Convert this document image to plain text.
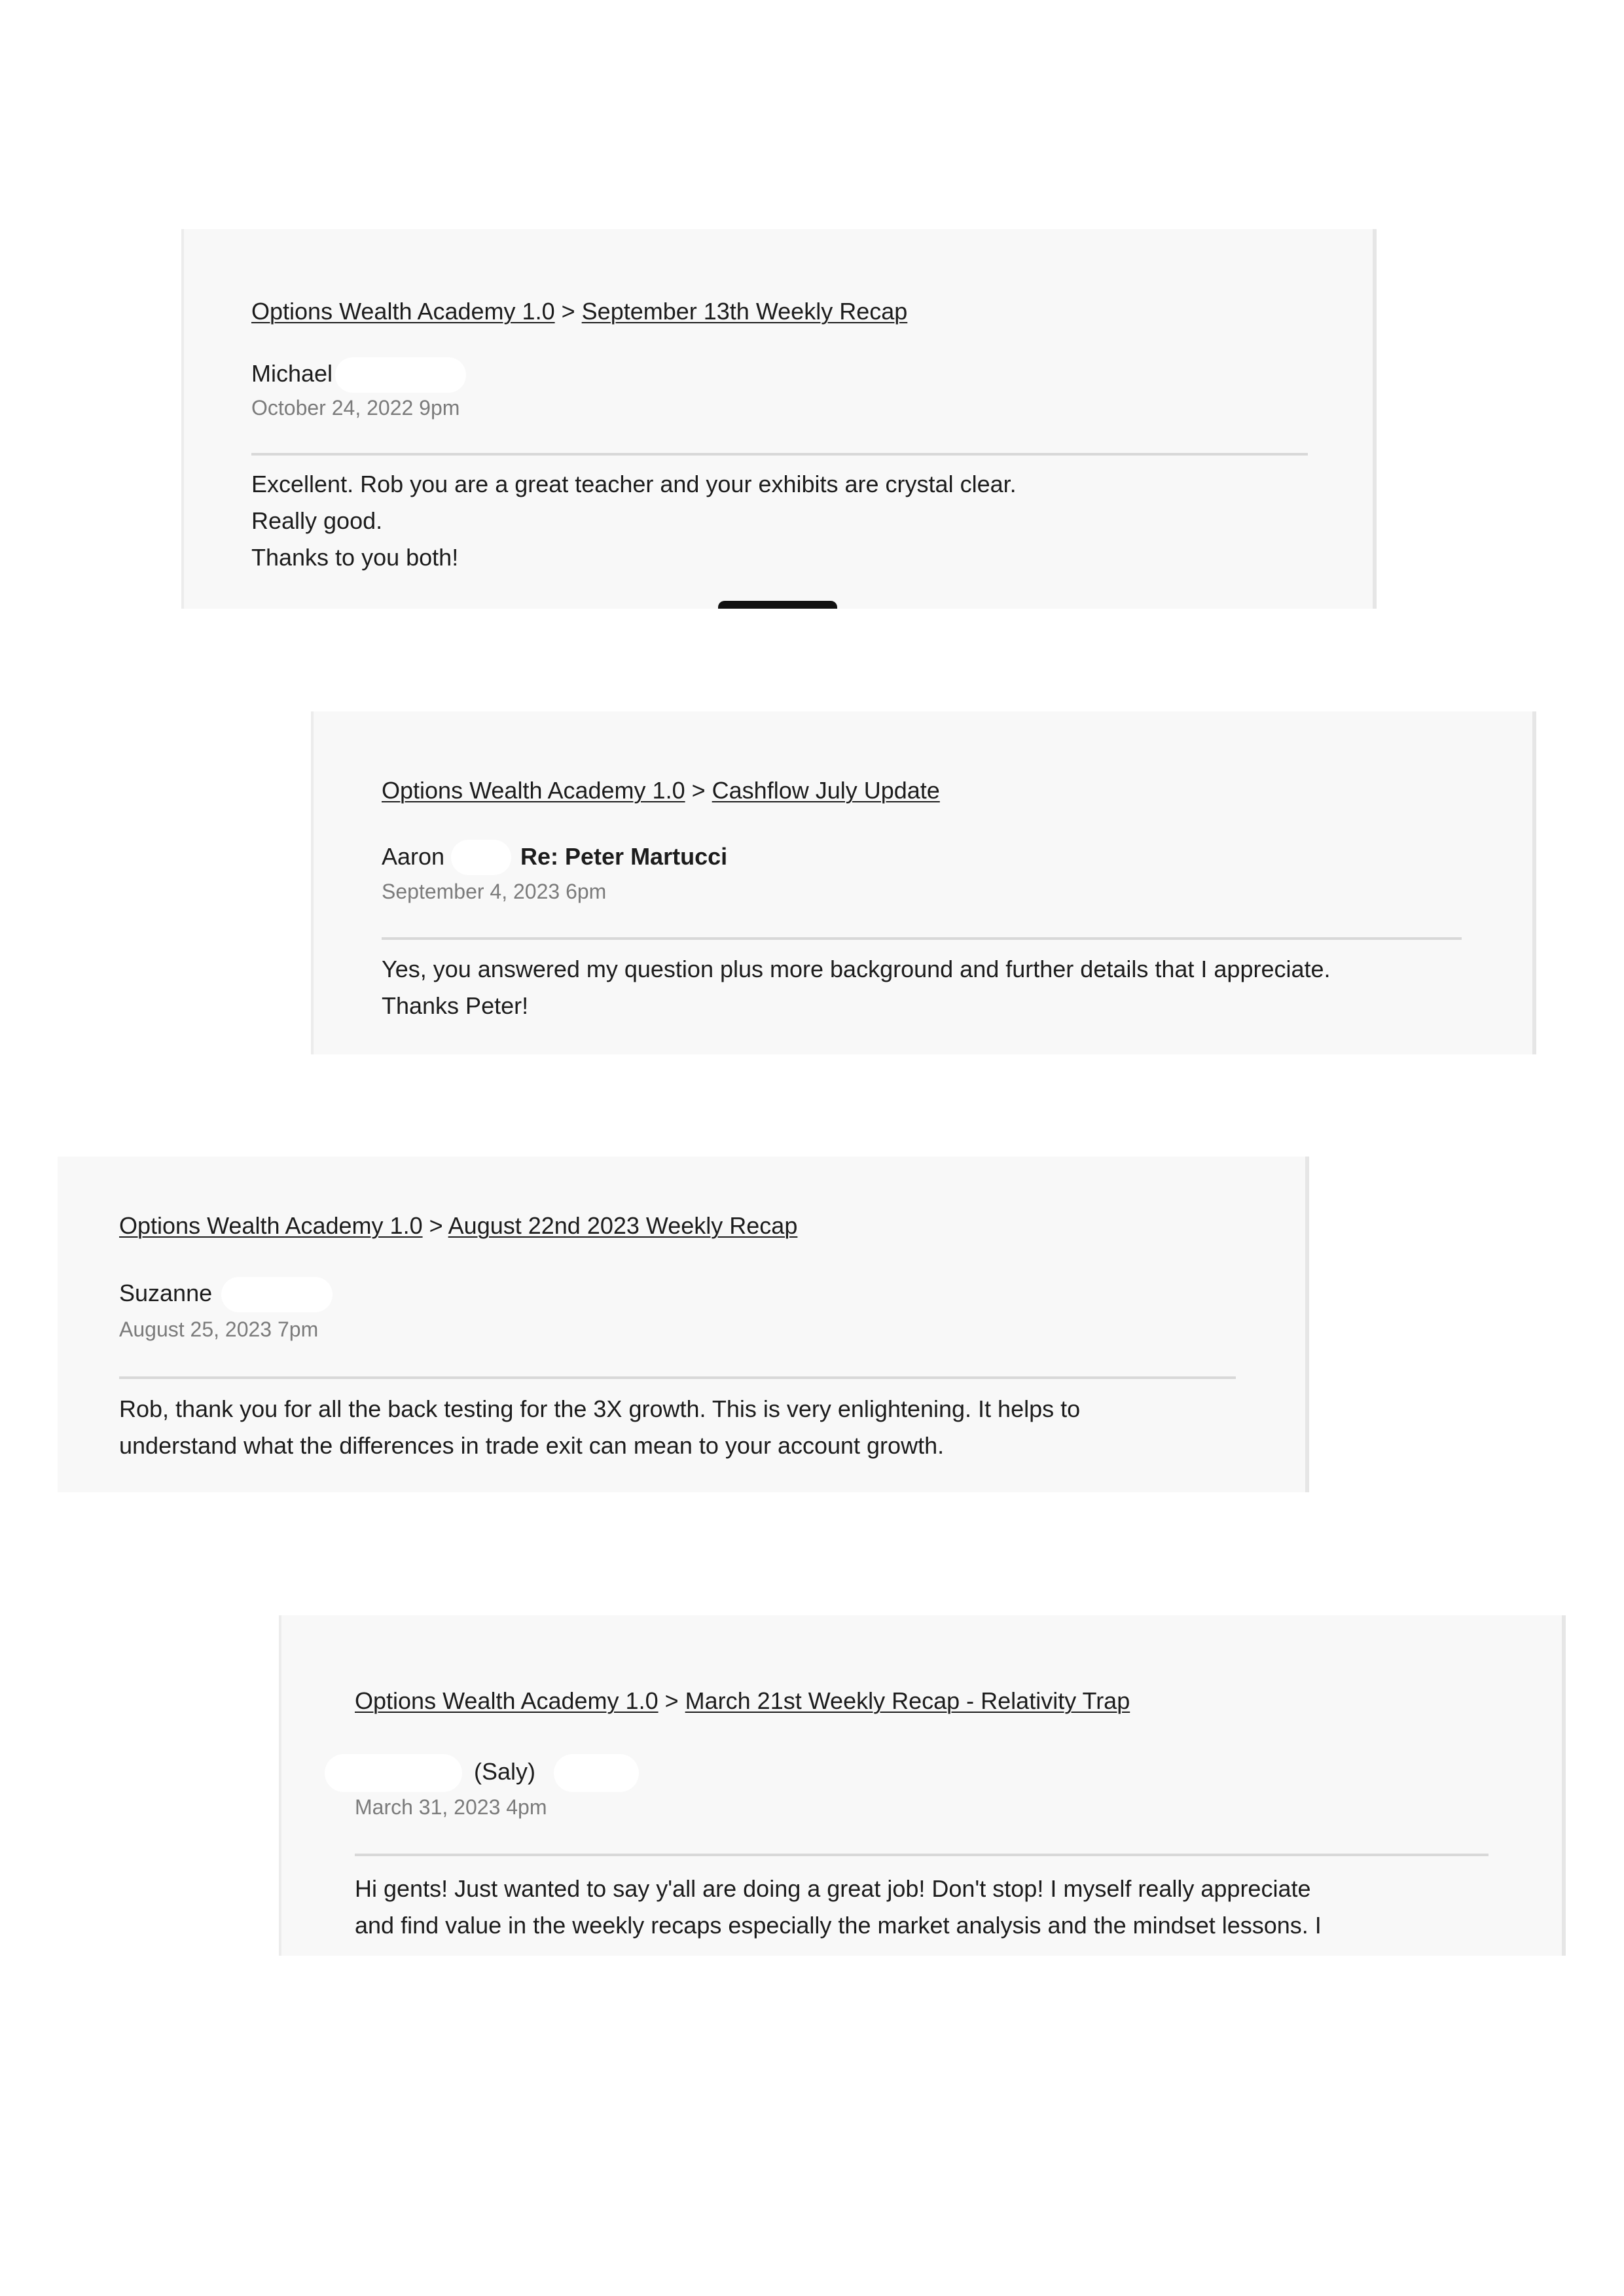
Options Wealth Academy 1.0 > September 13th Weekly Recap
Michael
October 24, 2022 9pm

Excellent. Rob you are a great teacher and your exhibits are crystal clear.

Really good.

Thanks to you both!

Options Wealth Academy 1.0 > Cashflow July Update
Aaron	Re: Peter Martucci
September 4, 2023 6pm

Yes, you answered my question plus more background and further details that I appreciate.

Thanks Peter!

Options Wealth Academy 1.0 > August 22nd 2023 Weekly Recap
Suzanne
August 25, 2023 7pm

Rob, thank you for all the back testing for the 3X growth. This is very enlightening. It helps to

understand what the differences in trade exit can mean to your account growth.

Options Wealth Academy 1.0 > March 21st Weekly Recap - Relativity Trap
(Saly)
March 31, 2023 4pm

Hi gents! Just wanted to say y'all are doing a great job! Don't stop! I myself really appreciate

and find value in the weekly recaps especially the market analysis and the mindset lessons. I
